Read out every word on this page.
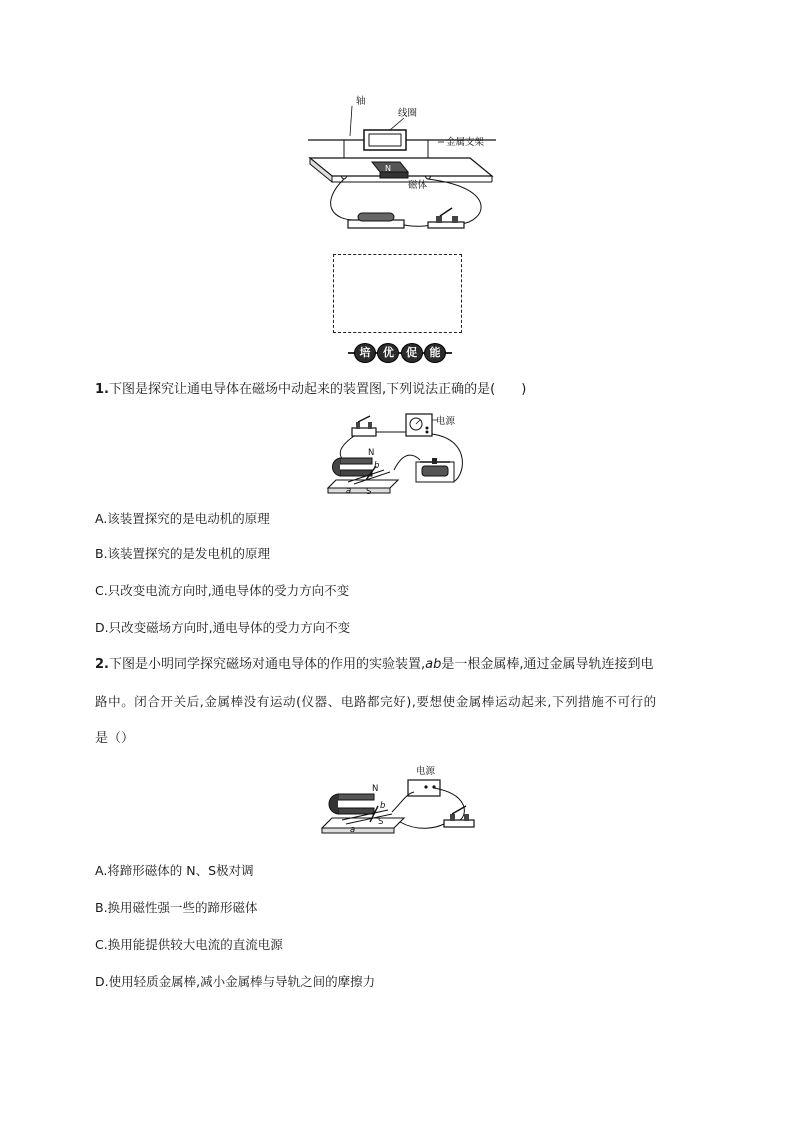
轴
线圈
金属支架
磁体
N
培	优	促	能
1.下图是探究让通电导体在磁场中动起来的装置图,下列说法正确的是(　　)
电源
N
b
a S
A.该装置探究的是电动机的原理
B.该装置探究的是发电机的原理
C.只改变电流方向时,通电导体的受力方向不变
D.只改变磁场方向时,通电导体的受力方向不变
2.下图是小明同学探究磁场对通电导体的作用的实验装置,ab是一根金属棒,通过金属导轨连接到电
路中。闭合开关后,金属棒没有运动(仪器、电路都完好),要想使金属棒运动起来,下列措施不可行的
是（）
电源
N
b
a
S
A.将蹄形磁体的 N、S极对调
B.换用磁性强一些的蹄形磁体
C.换用能提供较大电流的直流电源
D.使用轻质金属棒,减小金属棒与导轨之间的摩擦力
